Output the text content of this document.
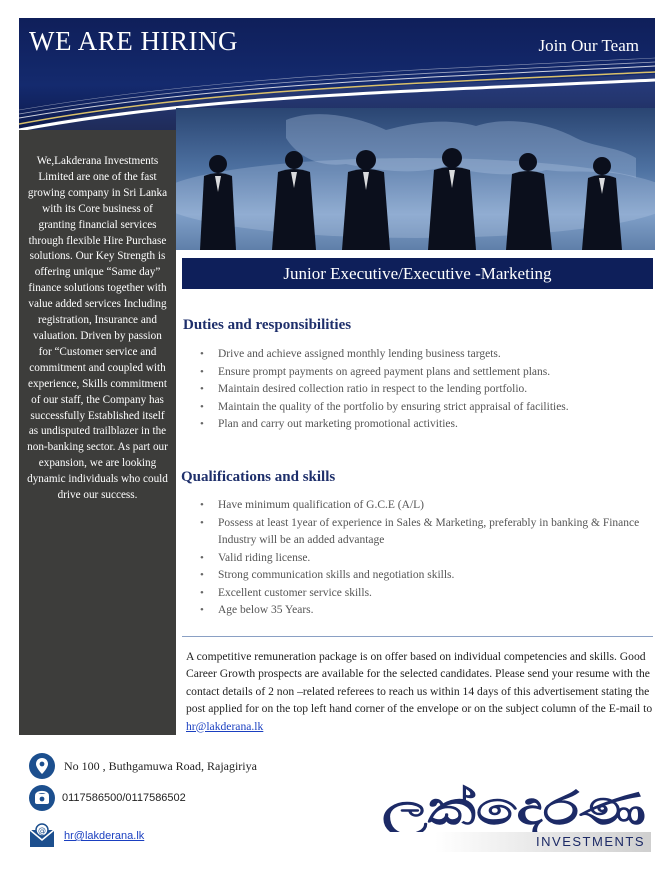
WE ARE HIRING	Join Our Team
We,Lakderana Investments Limited are one of the fast growing company in Sri Lanka with its Core business of granting financial services through flexible Hire Purchase solutions. Our Key Strength is offering unique “Same day” finance solutions together with value added services Including registration, Insurance and valuation. Driven by passion for “Customer service and commitment and coupled with experience, Skills commitment of our staff, the Company has successfully Established itself as undisputed trailblazer in the non-banking sector. As part our expansion, we are looking dynamic individuals who could drive our success.
Junior Executive/Executive -Marketing
Duties and responsibilities
• Drive and achieve assigned monthly lending business targets.
• Ensure prompt payments on agreed payment plans and settlement plans.
• Maintain desired collection ratio in respect to the lending portfolio.
• Maintain the quality of the portfolio by ensuring strict appraisal of facilities.
• Plan and carry out marketing promotional activities.
Qualifications and skills
• Have minimum qualification of G.C.E (A/L)
• Possess at least 1year of experience in Sales & Marketing, preferably in banking & Finance Industry will be an added advantage
• Valid riding license.
• Strong communication skills and negotiation skills.
• Excellent customer service skills.
• Age below 35 Years.
A competitive remuneration package is on offer based on individual competencies and skills. Good Career Growth prospects are available for the selected candidates. Please send your resume with the contact details of 2 non –related referees to reach us within 14 days of this advertisement stating the post applied for on the top left hand corner of the envelope or on the subject column of the E-mail to hr@lakderana.lk
No 100 , Buthgamuwa Road, Rajagiriya
0117586500/0117586502
@ hr@lakderana.lk
ලක්දෙරණ
INVESTMENTS
